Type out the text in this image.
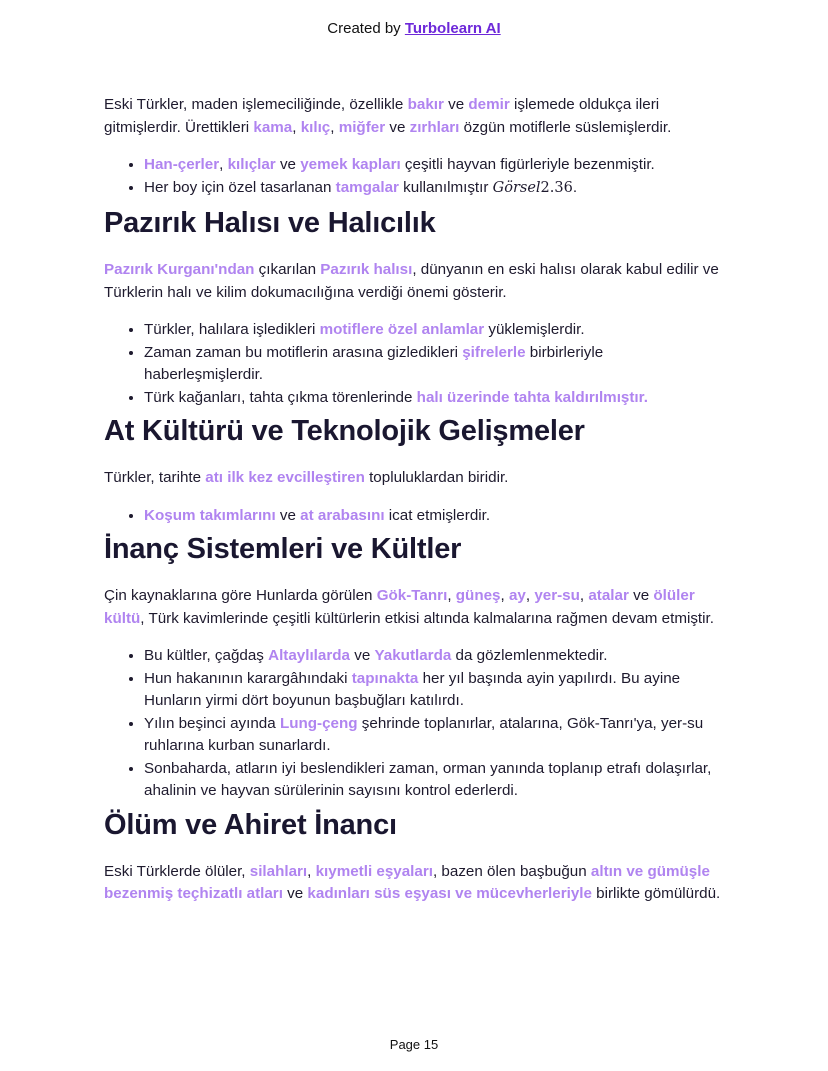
Created by Turbolearn AI

Eski Türkler, maden işlemeciliğinde, özellikle bakır ve demir işlemede oldukça ileri gitmişlerdir. Ürettikleri kama, kılıç, miğfer ve zırhları özgün motiflerle süslemişlerdir.

• Han-çerler, kılıçlar ve yemek kapları çeşitli hayvan figürleriyle bezenmiştir.
• Her boy için özel tasarlanan tamgalar kullanılmıştır Görsel2.36.
Pazırık Halısı ve Halıcılık

Pazırık Kurganı'ndan çıkarılan Pazırık halısı, dünyanın en eski halısı olarak kabul edilir ve Türklerin halı ve kilim dokumacılığına verdiği önemi gösterir.

• Türkler, halılara işledikleri motiflere özel anlamlar yüklemişlerdir.
• Zaman zaman bu motiflerin arasına gizledikleri şifrelerle birbirleriyle haberleşmişlerdir.
• Türk kağanları, tahta çıkma törenlerinde halı üzerinde tahta kaldırılmıştır.
At Kültürü ve Teknolojik Gelişmeler

Türkler, tarihte atı ilk kez evcilleştiren topluluklardan biridir.

• Koşum takımlarını ve at arabasını icat etmişlerdir.
İnanç Sistemleri ve Kültler

Çin kaynaklarına göre Hunlarda görülen Gök-Tanrı, güneş, ay, yer-su, atalar ve ölüler kültü, Türk kavimlerinde çeşitli kültürlerin etkisi altında kalmalarına rağmen devam etmiştir.

• Bu kültler, çağdaş Altaylılarda ve Yakutlarda da gözlemlenmektedir.
• Hun hakanının karargâhındaki tapınakta her yıl başında ayin yapılırdı. Bu ayine Hunların yirmi dört boyunun başbuğları katılırdı.
• Yılın beşinci ayında Lung-çeng şehrinde toplanırlar, atalarına, Gök-Tanrı'ya, yer-su ruhlarına kurban sunarlardı.
• Sonbaharda, atların iyi beslendikleri zaman, orman yanında toplanıp etrafı dolaşırlar, ahalinin ve hayvan sürülerinin sayısını kontrol ederlerdi.
Ölüm ve Ahiret İnancı

Eski Türklerde ölüler, silahları, kıymetli eşyaları, bazen ölen başbuğun altın ve gümüşle bezenmiş teçhizatlı atları ve kadınları süs eşyası ve mücevherleriyle birlikte gömülürdü.

Page 15
